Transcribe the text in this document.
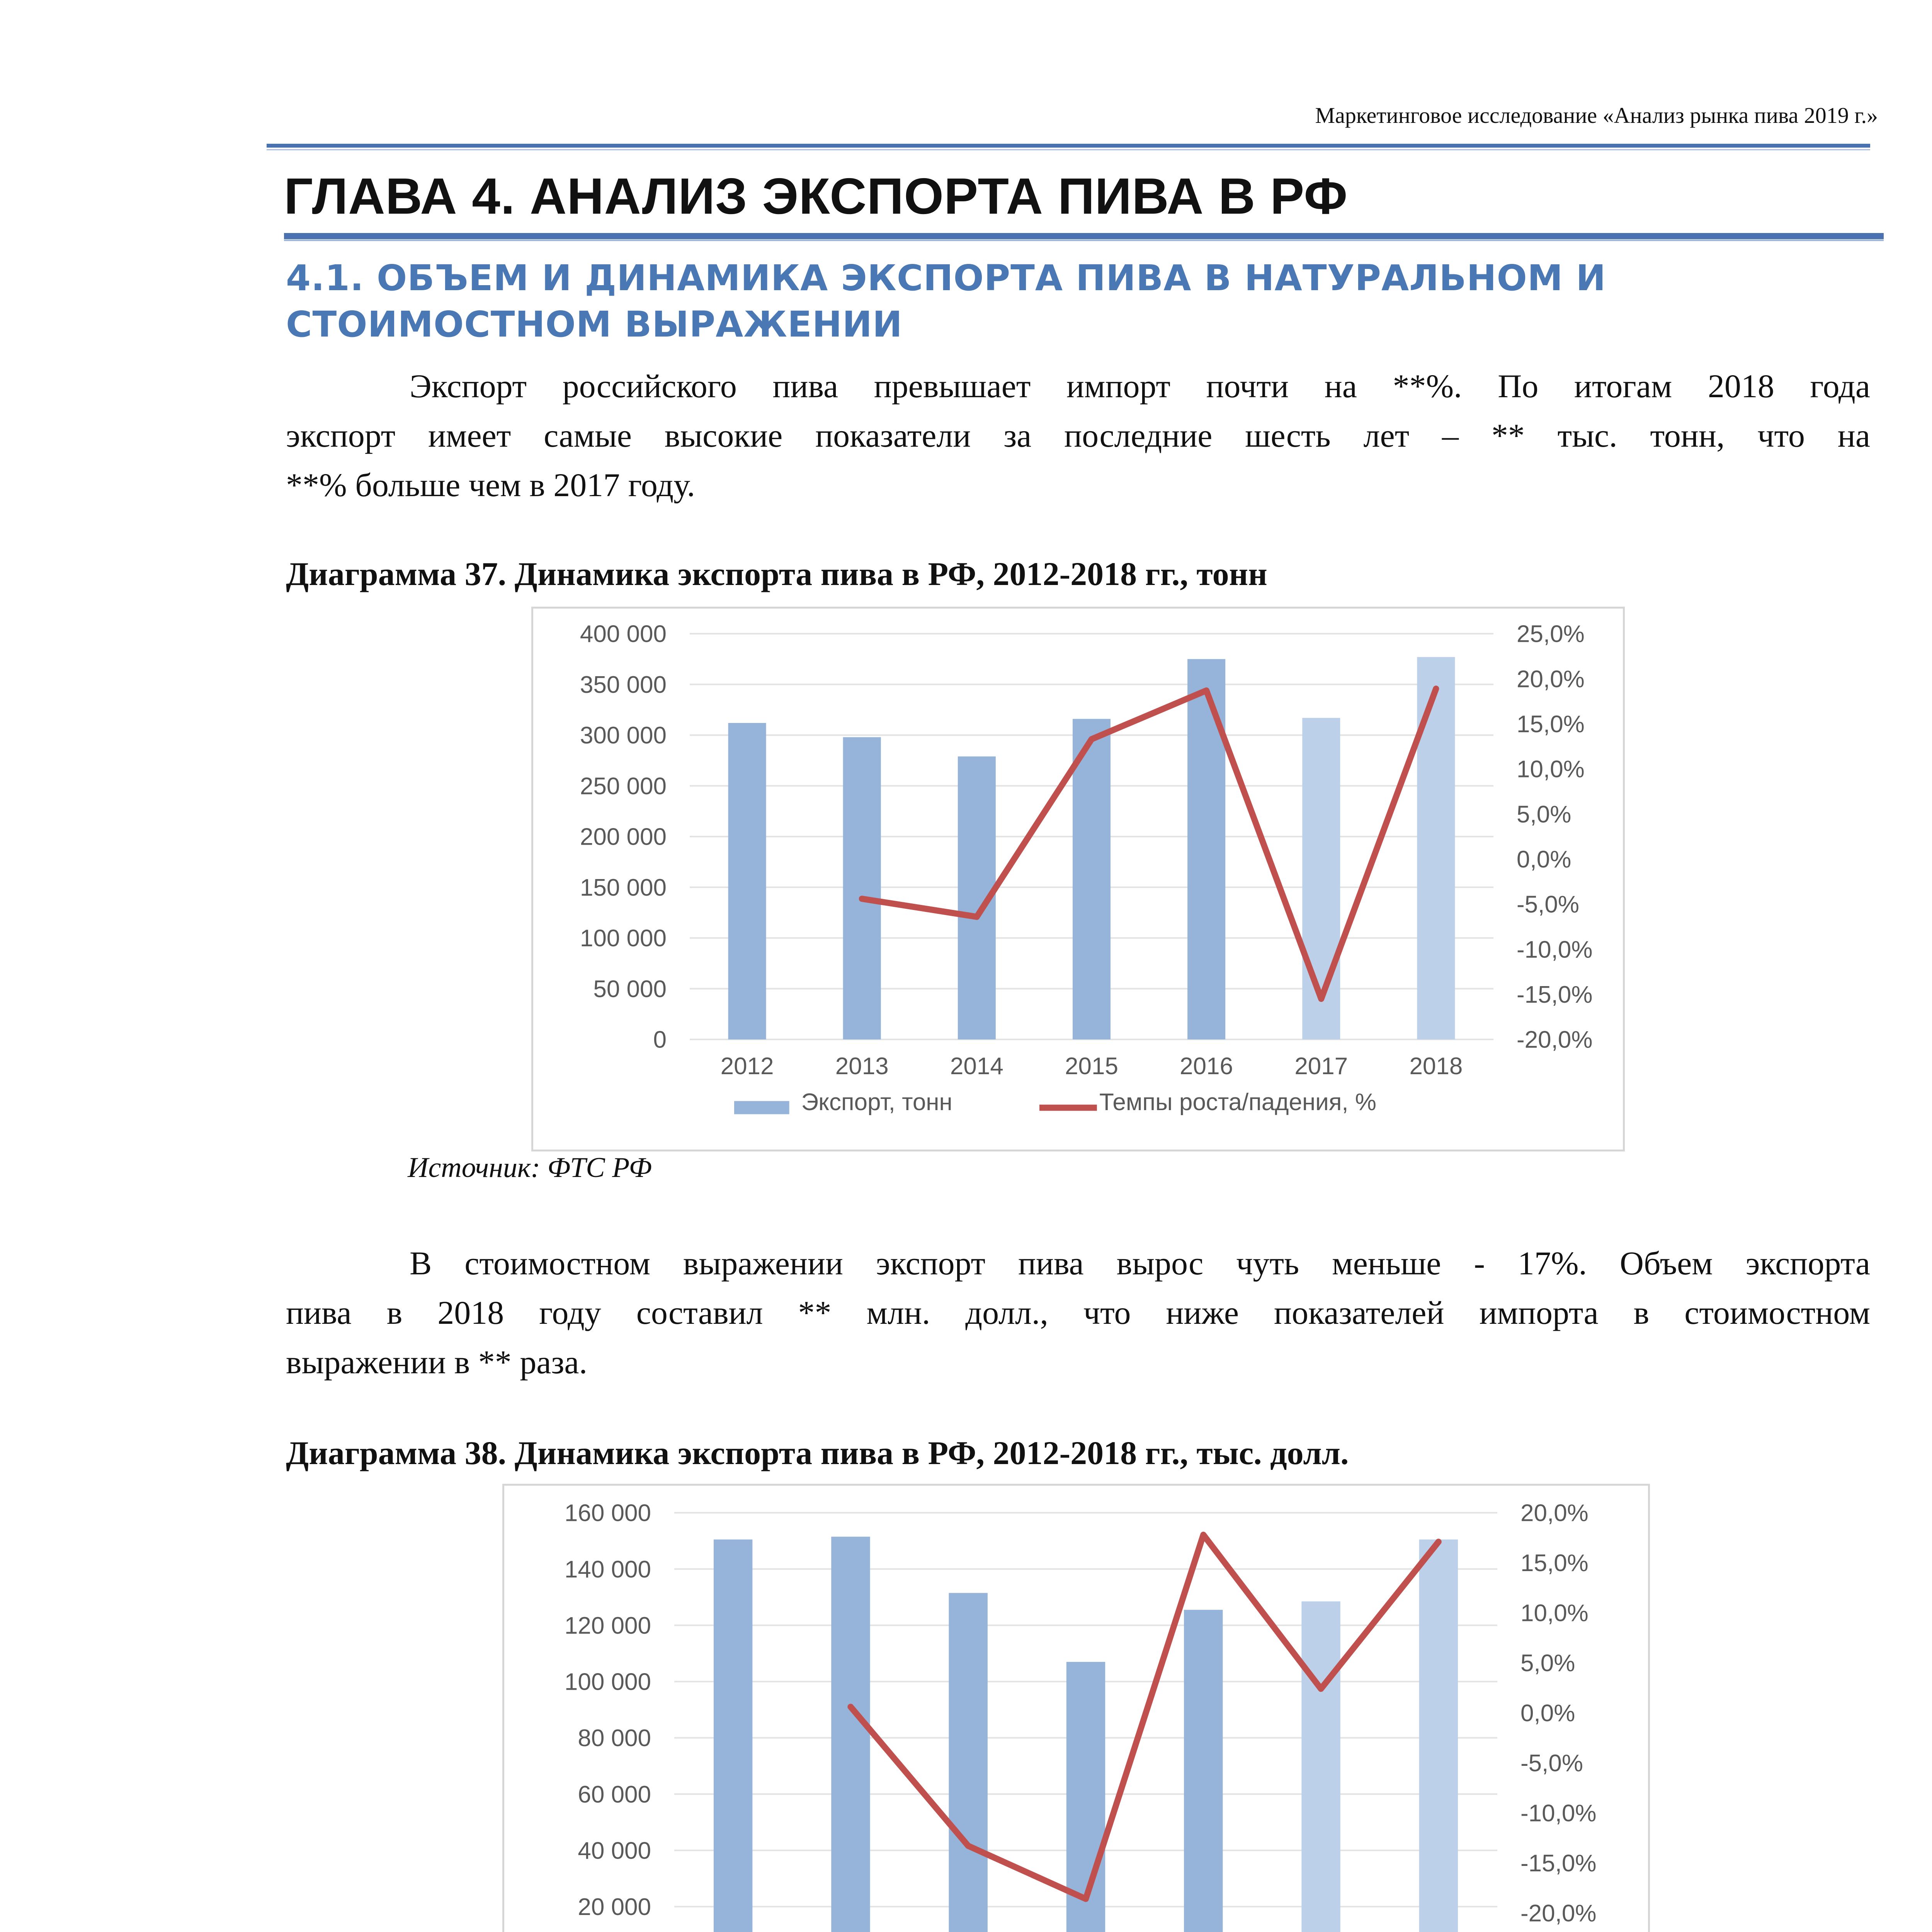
Маркетинговое исследование «Анализ рынка пива 2019 г.»
ГЛАВА 4. АНАЛИЗ ЭКСПОРТА ПИВА В РФ
4.1. ОБЪЕМ И ДИНАМИКА ЭКСПОРТА ПИВА В НАТУРАЛЬНОМ И
СТОИМОСТНОМ ВЫРАЖЕНИИ
Экспорт российского пива превышает импорт почти на **%. По итогам 2018 года
экспорт имеет самые высокие показатели за последние шесть лет – ** тыс. тонн, что на
**% больше чем в 2017 году.
Диаграмма 37. Динамика экспорта пива в РФ, 2012-2018 гг., тонн
0
50 000
100 000
150 000
200 000
250 000
300 000
350 000
400 000
-20,0%
-15,0%
-10,0%
-5,0%
0,0%
5,0%
10,0%
15,0%
20,0%
25,0%
2012	2013	2014	2015	2016	2017	2018
Экспорт, тонн	Темпы роста/падения, %
Источник: ФТС РФ
В стоимостном выражении экспорт пива вырос чуть меньше - 17%. Объем экспорта
пива в 2018 году составил ** млн. долл., что ниже показателей импорта в стоимостном
выражении в ** раза.
Диаграмма 38. Динамика экспорта пива в РФ, 2012-2018 гг., тыс. долл.
20 000
40 000
60 000
80 000
100 000
120 000
140 000
160 000
-20,0%
-15,0%
-10,0%
-5,0%
0,0%
5,0%
10,0%
15,0%
20,0%
